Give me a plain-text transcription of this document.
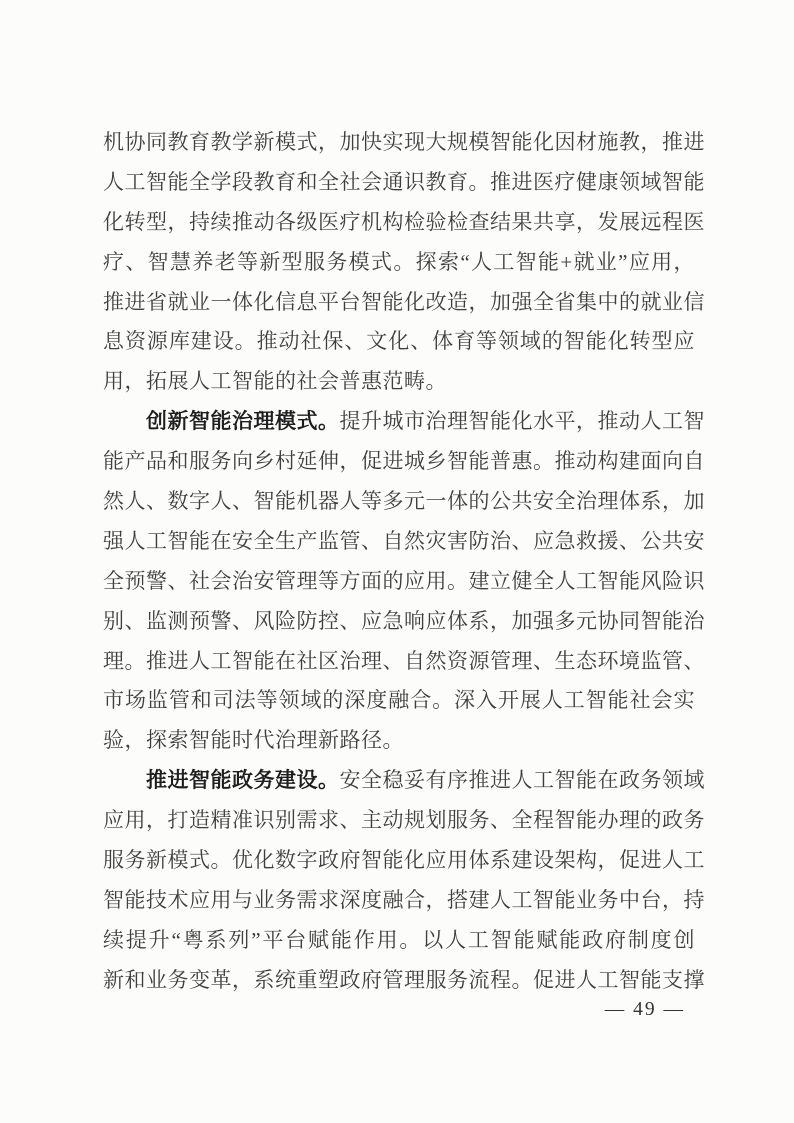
机协同教育教学新模式，加快实现大规模智能化因材施教，推进
人工智能全学段教育和全社会通识教育。推进医疗健康领域智能
化转型，持续推动各级医疗机构检验检查结果共享，发展远程医
疗、智慧养老等新型服务模式。探索“人工智能+就业”应用，
推进省就业一体化信息平台智能化改造，加强全省集中的就业信
息资源库建设。推动社保、文化、体育等领域的智能化转型应
用，拓展人工智能的社会普惠范畴。
创新智能治理模式。提升城市治理智能化水平，推动人工智
能产品和服务向乡村延伸，促进城乡智能普惠。推动构建面向自
然人、数字人、智能机器人等多元一体的公共安全治理体系，加
强人工智能在安全生产监管、自然灾害防治、应急救援、公共安
全预警、社会治安管理等方面的应用。建立健全人工智能风险识
别、监测预警、风险防控、应急响应体系，加强多元协同智能治
理。推进人工智能在社区治理、自然资源管理、生态环境监管、
市场监管和司法等领域的深度融合。深入开展人工智能社会实
验，探索智能时代治理新路径。
推进智能政务建设。安全稳妥有序推进人工智能在政务领域
应用，打造精准识别需求、主动规划服务、全程智能办理的政务
服务新模式。优化数字政府智能化应用体系建设架构，促进人工
智能技术应用与业务需求深度融合，搭建人工智能业务中台，持
续提升“粤系列”平台赋能作用。以人工智能赋能政府制度创
新和业务变革，系统重塑政府管理服务流程。促进人工智能支撑
— 49 —
